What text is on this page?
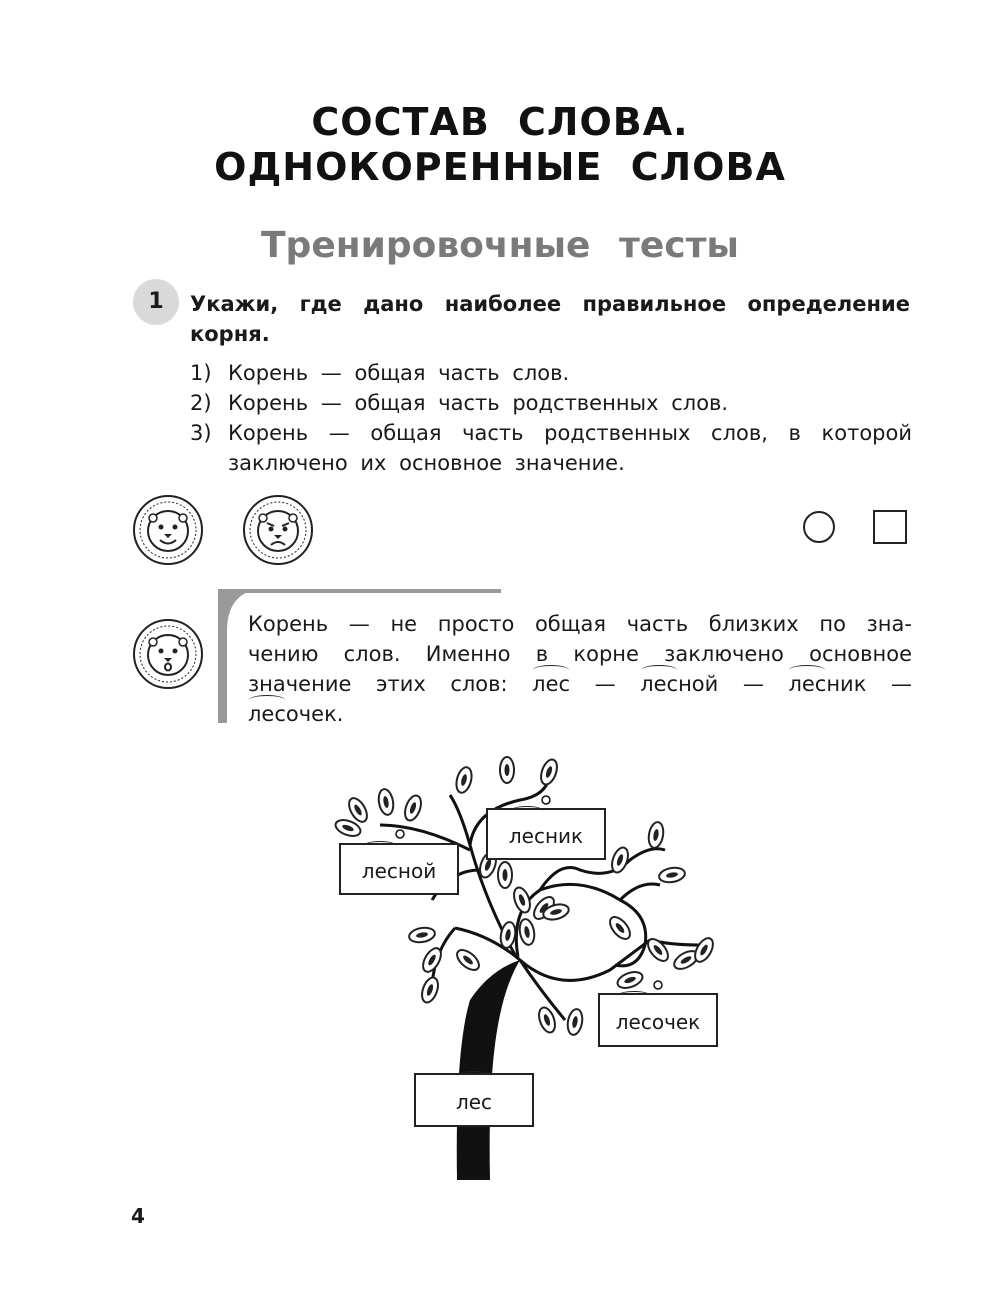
СОСТАВ СЛОВА.
ОДНОКОРЕННЫЕ СЛОВА
Тренировочные тесты
1	Укажи, где дано наиболее правильное определение корня.

1) Корень — общая часть слов.
2) Корень — общая часть родственных слов.
3) Корень — общая часть родственных слов, в которой заключено их основное значение.

Корень — не просто общая часть близких по зна-
чению слов. Именно в корне заключено основное
значение этих слов: лес — лесной — лесник —
лесочек.

лесной
лесник
лесочек
лес
4
